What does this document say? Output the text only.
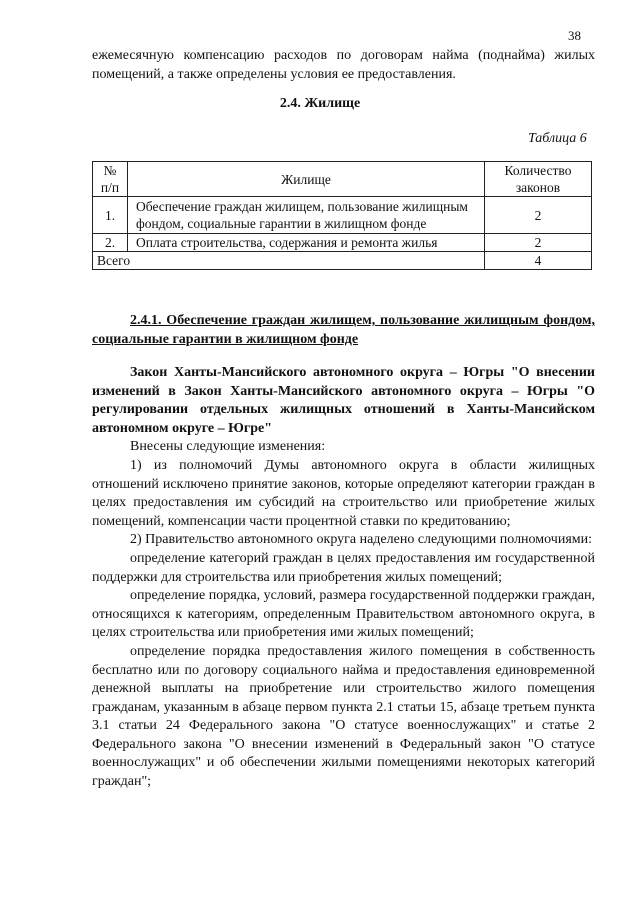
38
ежемесячную компенсацию расходов по договорам найма (поднайма) жилых помещений, а также определены условия ее предоставления.
2.4. Жилище
Таблица 6
№ п/п	Жилище	Количество законов
1.	Обеспечение граждан жилищем, пользование жилищным фондом, социальные гарантии в жилищном фонде	2
2.	Оплата строительства, содержания и ремонта жилья	2
Всего		4
2.4.1. Обеспечение граждан жилищем, пользование жилищным фондом, социальные гарантии в жилищном фонде

Закон Ханты-Мансийского автономного округа – Югры "О внесении изменений в Закон Ханты-Мансийского автономного округа – Югры "О регулировании отдельных жилищных отношений в Ханты-Мансийском автономном округе – Югре"

Внесены следующие изменения:

1) из полномочий Думы автономного округа в области жилищных отношений исключено принятие законов, которые определяют категории граждан в целях предоставления им субсидий на строительство или приобретение жилых помещений, компенсации части процентной ставки по кредитованию;

2) Правительство автономного округа наделено следующими полномочиями:

определение категорий граждан в целях предоставления им государственной поддержки для строительства или приобретения жилых помещений;

определение порядка, условий, размера государственной поддержки граждан, относящихся к категориям, определенным Правительством автономного округа, в целях строительства или приобретения ими жилых помещений;

определение порядка предоставления жилого помещения в собственность бесплатно или по договору социального найма и предоставления единовременной денежной выплаты на приобретение или строительство жилого помещения гражданам, указанным в абзаце первом пункта 2.1 статьи 15, абзаце третьем пункта 3.1 статьи 24 Федерального закона "О статусе военнослужащих" и статье 2 Федерального закона "О внесении изменений в Федеральный закон "О статусе военнослужащих" и об обеспечении жилыми помещениями некоторых категорий граждан";
